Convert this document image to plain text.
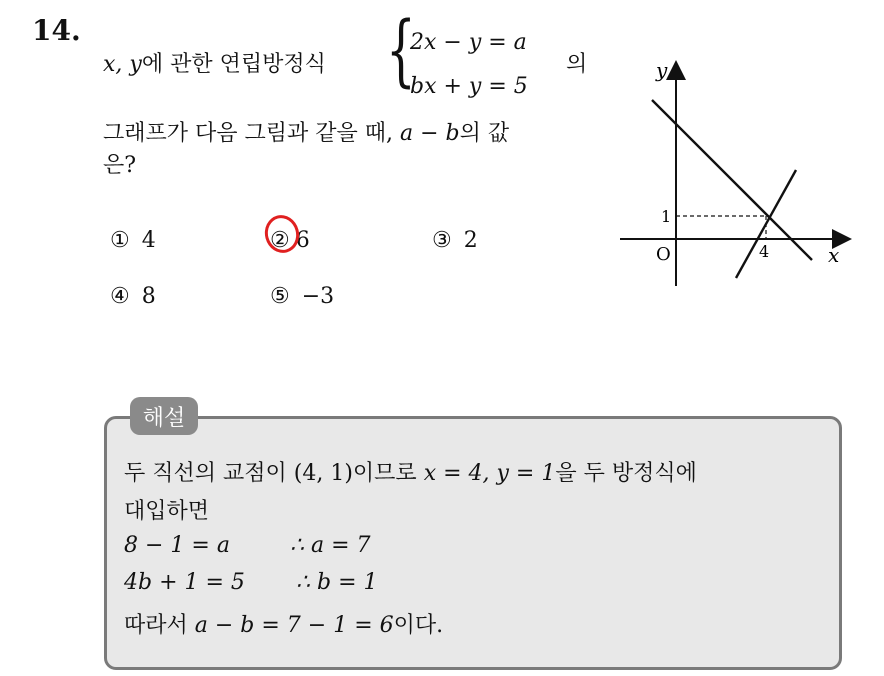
14.
x, y에 관한 연립방정식 {
2x − y = a
bx + y = 5
의
그래프가 다음 그림과 같을 때, a − b의 값
은?
① 4	② 6	③ 2
④ 8	⑤ −3
y
x
O	4
1
해설
두 직선의 교점이 (4, 1)이므로 x = 4, y = 1을 두 방정식에
대입하면
8 − 1 = a	∴ a = 7
4b + 1 = 5 ∴ b = 1
따라서 a − b = 7 − 1 = 6이다.
